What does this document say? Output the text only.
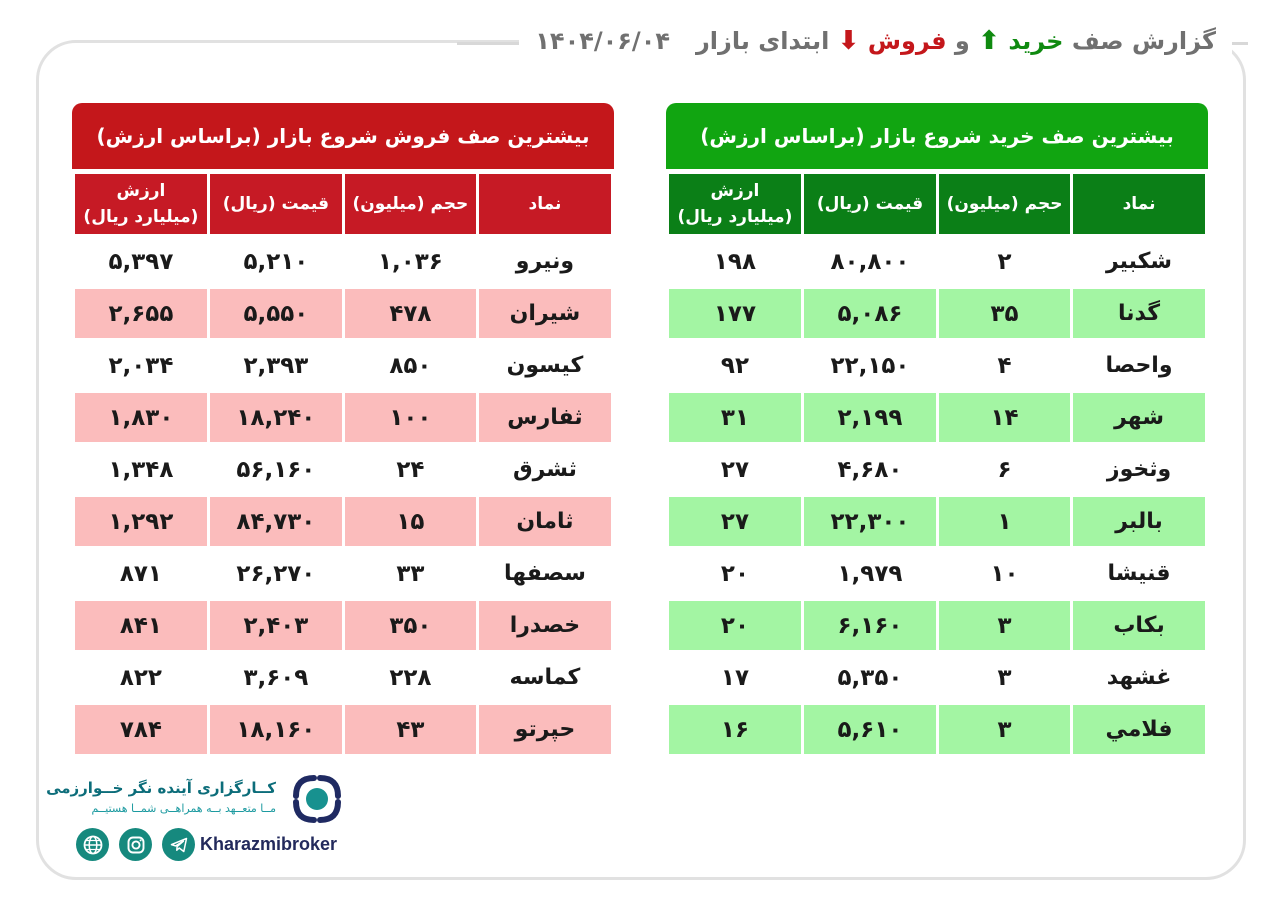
گزارش صف خرید ⬆ و فروش ⬇ ابتدای بازار
۱۴۰۴/۰۶/۰۴
بیشترین صف خرید شروع بازار (براساس ارزش)
نماد	حجم (میلیون)	قیمت (ریال)	ارزش
(میلیارد ریال)
شکبیر	۲	۸۰,۸۰۰	۱۹۸
گدنا	۳۵	۵,۰۸۶	۱۷۷
واحصا	۴	۲۲,۱۵۰	۹۲
شهر	۱۴	۲,۱۹۹	۳۱
وثخوز	۶	۴,۶۸۰	۲۷
بالبر	۱	۲۲,۳۰۰	۲۷
قنیشا	۱۰	۱,۹۷۹	۲۰
بکاب	۳	۶,۱۶۰	۲۰
غشهد	۳	۵,۳۵۰	۱۷
فلامي	۳	۵,۶۱۰	۱۶
بیشترین صف فروش شروع بازار (براساس ارزش)
نماد	حجم (میلیون)	قیمت (ریال)	ارزش
(میلیارد ریال)
ونیرو	۱,۰۳۶	۵,۲۱۰	۵,۳۹۷
شیران	۴۷۸	۵,۵۵۰	۲,۶۵۵
کیسون	۸۵۰	۲,۳۹۳	۲,۰۳۴
ثفارس	۱۰۰	۱۸,۲۴۰	۱,۸۳۰
ثشرق	۲۴	۵۶,۱۶۰	۱,۳۴۸
ثامان	۱۵	۸۴,۷۳۰	۱,۲۹۲
سصفها	۳۳	۲۶,۲۷۰	۸۷۱
خصدرا	۳۵۰	۲,۴۰۳	۸۴۱
کماسه	۲۲۸	۳,۶۰۹	۸۲۲
حپرتو	۴۳	۱۸,۱۶۰	۷۸۴
کــارگزاری آینده نگر خــوارزمی
مــا متعــهد بــه همراهــی شمــا هستیــم
Kharazmibroker
